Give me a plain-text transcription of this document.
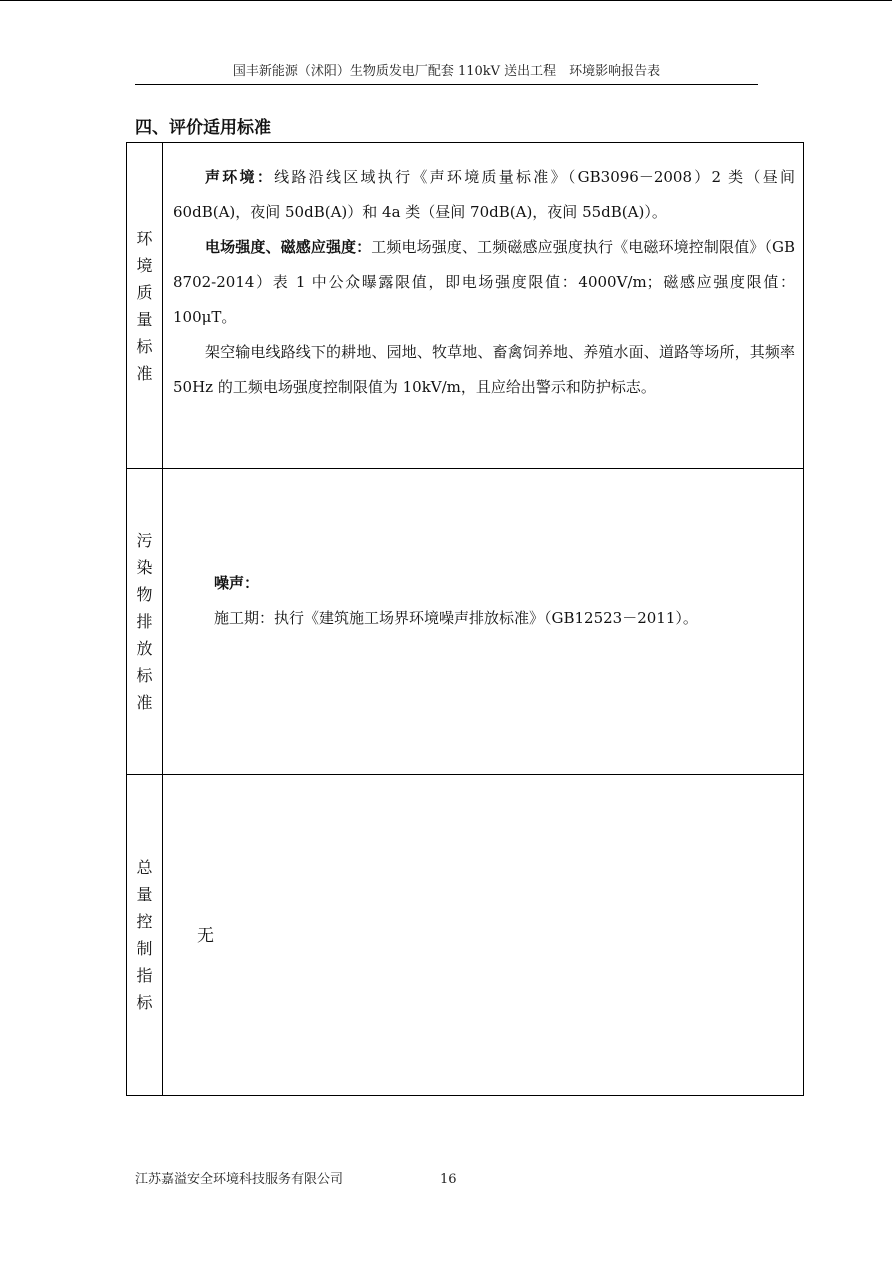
国丰新能源（沭阳）生物质发电厂配套 110kV 送出工程　环境影响报告表
四、评价适用标准
环境质量标准
声环境：线路沿线区域执行《声环境质量标准》（GB3096－2008）2 类（昼间 60dB(A)，夜间 50dB(A)）和 4a 类（昼间 70dB(A)，夜间 55dB(A)）。
电场强度、磁感应强度：工频电场强度、工频磁感应强度执行《电磁环境控制限值》（GB 8702-2014）表 1 中公众曝露限值，即电场强度限值：4000V/m；磁感应强度限值：100μT。
架空输电线路线下的耕地、园地、牧草地、畜禽饲养地、养殖水面、道路等场所，其频率 50Hz 的工频电场强度控制限值为 10kV/m，且应给出警示和防护标志。
污染物排放标准
总量控制指标
噪声：
施工期：执行《建筑施工场界环境噪声排放标准》（GB12523－2011）。
无
江苏嘉溢安全环境科技服务有限公司	16
